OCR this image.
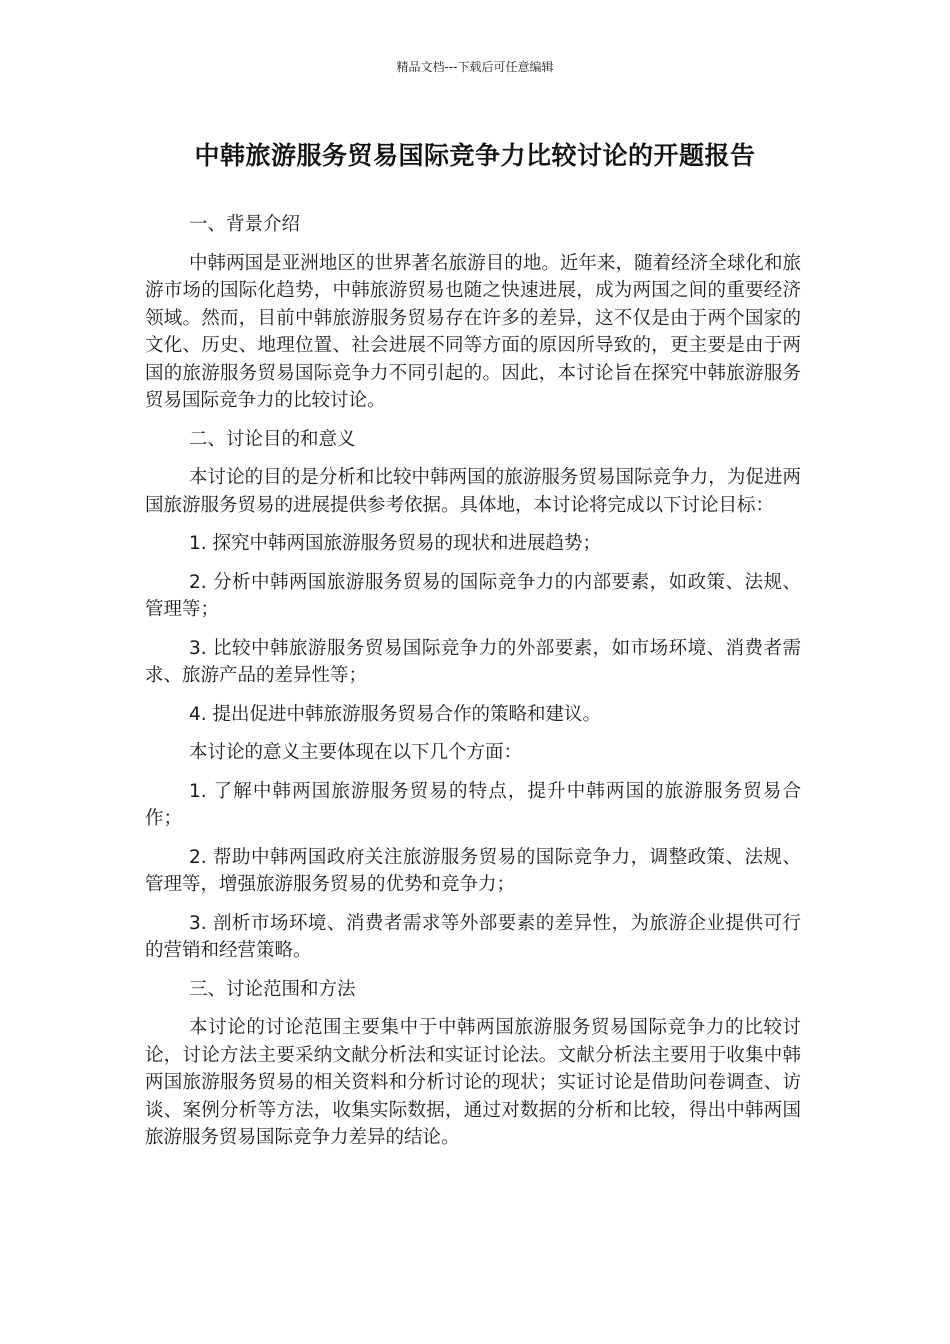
精品文档---下载后可任意编辑
中韩旅游服务贸易国际竞争力比较讨论的开题报告
一、背景介绍

中韩两国是亚洲地区的世界著名旅游目的地。近年来，随着经济全球化和旅游市场的国际化趋势，中韩旅游贸易也随之快速进展，成为两国之间的重要经济领域。然而，目前中韩旅游服务贸易存在许多的差异，这不仅是由于两个国家的文化、历史、地理位置、社会进展不同等方面的原因所导致的，更主要是由于两国的旅游服务贸易国际竞争力不同引起的。因此，本讨论旨在探究中韩旅游服务贸易国际竞争力的比较讨论。

二、讨论目的和意义

本讨论的目的是分析和比较中韩两国的旅游服务贸易国际竞争力，为促进两国旅游服务贸易的进展提供参考依据。具体地，本讨论将完成以下讨论目标：

1. 探究中韩两国旅游服务贸易的现状和进展趋势；

2. 分析中韩两国旅游服务贸易的国际竞争力的内部要素，如政策、法规、管理等；

3. 比较中韩旅游服务贸易国际竞争力的外部要素，如市场环境、消费者需求、旅游产品的差异性等；

4. 提出促进中韩旅游服务贸易合作的策略和建议。

本讨论的意义主要体现在以下几个方面：

1. 了解中韩两国旅游服务贸易的特点，提升中韩两国的旅游服务贸易合作；

2. 帮助中韩两国政府关注旅游服务贸易的国际竞争力，调整政策、法规、管理等，增强旅游服务贸易的优势和竞争力；

3. 剖析市场环境、消费者需求等外部要素的差异性，为旅游企业提供可行的营销和经营策略。

三、讨论范围和方法

本讨论的讨论范围主要集中于中韩两国旅游服务贸易国际竞争力的比较讨论，讨论方法主要采纳文献分析法和实证讨论法。文献分析法主要用于收集中韩两国旅游服务贸易的相关资料和分析讨论的现状；实证讨论是借助问卷调查、访谈、案例分析等方法，收集实际数据，通过对数据的分析和比较，得出中韩两国旅游服务贸易国际竞争力差异的结论。
